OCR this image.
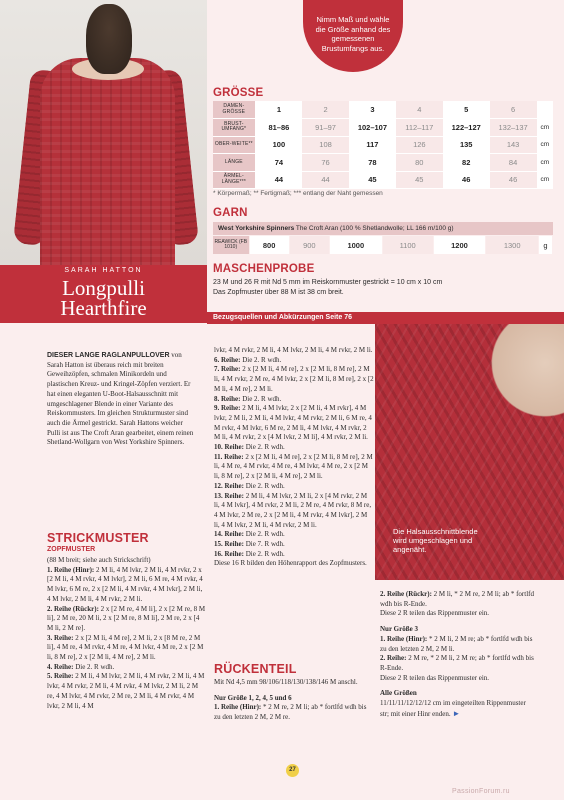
Die Halsausschnittblende wird umgeschlagen und angenäht.
Nimm Maß und wähle die Größe anhand des gemessenen Brustumfangs aus.
SARAH HATTON
Longpulli
Hearthfire
GRÖSSE
DAMEN-GRÖSSE	1	2	3	4	5	6	
BRUST-UMFANG*	81–86	91–97	102–107	112–117	122–127	132–137	cm
OBER-WEITE**	100	108	117	126	135	143	cm
LÄNGE	74	76	78	80	82	84	cm
ÄRMEL-LÄNGE***	44	44	45	45	46	46	cm
* Körpermaß; ** Fertigmaß; *** entlang der Naht gemessen
GARN
West Yorkshire Spinners The Croft Aran (100 % Shetlandwolle; LL 166 m/100 g)
REAWICK (FB 1010)	800	900	1000	1100	1200	1300	g
MASCHENPROBE
23 M und 26 R mit Nd 5 mm im Reiskornmuster gestrickt = 10 cm x 10 cm
Das Zopfmuster über 88 M ist 38 cm breit.
Bezugsquellen und Abkürzungen Seite 76
DIESER LANGE RAGLANPULLOVER von Sarah Hatton ist überaus reich mit breiten Geweihzöpfen, schmalen Minikordeln und plastischen Kreuz- und Kringel-Zöpfen verziert. Er hat einen eleganten U-Boot-Halsausschnitt mit umgeschlagener Blende in einer Variante des Reiskornmusters. Im gleichen Strukturmuster sind auch die Ärmel gestrickt. Sarah Hattons weicher Pulli ist aus The Croft Aran gearbeitet, einem reinen Shetland-Wollgarn von West Yorkshire Spinners.
STRICKMUSTER
ZOPFMUSTER

(88 M breit; siehe auch Strickschrift)

1. Reihe (Hinr): 2 M li, 4 M lvkr, 2 M li, 4 M rvkr, 2 x [2 M li, 4 M rvkr, 4 M lvkr], 2 M li, 6 M re, 4 M rvkr, 4 M lvkr, 6 M re, 2 x [2 M li, 4 M rvkr, 4 M lvkr], 2 M li, 4 M lvkr, 2 M li, 4 M rvkr, 2 M li.

2. Reihe (Rückr): 2 x [2 M re, 4 M li], 2 x [2 M re, 8 M li], 2 M re, 20 M li, 2 x [2 M re, 8 M li], 2 M re, 2 x [4 M li, 2 M re].

3. Reihe: 2 x [2 M li, 4 M re], 2 M li, 2 x [8 M re, 2 M li], 4 M re, 4 M rvkr, 4 M re, 4 M lvkr, 4 M re, 2 x [2 M li, 8 M re], 2 x [2 M li, 4 M re], 2 M li.

4. Reihe: Die 2. R wdh.

5. Reihe: 2 M li, 4 M lvkr, 2 M li, 4 M rvkr, 2 M li, 4 M lvkr, 4 M rvkr, 2 M li, 4 M rvkr, 4 M lvkr, 2 M li, 2 M re, 4 M lvkr, 4 M rvkr, 2 M re, 2 M li, 4 M rvkr, 4 M lvkr, 2 M li, 4 M

lvkr, 4 M rvkr, 2 M li, 4 M lvkr, 2 M li, 4 M rvkr, 2 M li.

6. Reihe: Die 2. R wdh.

7. Reihe: 2 x [2 M li, 4 M re], 2 x [2 M li, 8 M re], 2 M li, 4 M rvkr, 2 M re, 4 M lvkr, 2 x [2 M li, 8 M re], 2 x [2 M li, 4 M re], 2 M li.

8. Reihe: Die 2. R wdh.

9. Reihe: 2 M li, 4 M lvkr, 2 x [2 M li, 4 M rvkr], 4 M lvkr, 2 M li, 2 M li, 4 M lvkr, 4 M rvkr, 2 M li, 6 M re, 4 M rvkr, 4 M lvkr, 6 M re, 2 M li, 4 M lvkr, 4 M rvkr, 2 M li, 4 M rvkr, 2 x [4 M lvkr, 2 M li], 4 M rvkr, 2 M li.

10. Reihe: Die 2. R wdh.

11. Reihe: 2 x [2 M li, 4 M re], 2 x [2 M li, 8 M re], 2 M li, 4 M re, 4 M rvkr, 4 M re, 4 M lvkr, 4 M re, 2 x [2 M li, 8 M re], 2 x [2 M li, 4 M re], 2 M li.

12. Reihe: Die 2. R wdh.

13. Reihe: 2 M li, 4 M lvkr, 2 M li, 2 x [4 M rvkr, 2 M li, 4 M lvkr], 4 M rvkr, 2 M li, 2 M re, 4 M rvkr, 8 M re, 4 M lvkr, 2 M re, 2 x [2 M li, 4 M rvkr, 4 M lvkr], 2 M li, 4 M lvkr, 2 M li, 4 M rvkr, 2 M li.

14. Reihe: Die 2. R wdh.

15. Reihe: Die 7. R wdh.

16. Reihe: Die 2. R wdh.

Diese 16 R bilden den Höhenrapport des Zopfmusters.

RÜCKENTEIL

Mit Nd 4,5 mm 98/106/118/130/138/146 M anschl.

Nur Größe 1, 2, 4, 5 und 6

1. Reihe (Hinr): * 2 M re, 2 M li; ab * fortlfd wdh bis zu den letzten 2 M, 2 M re.

2. Reihe (Rückr): 2 M li, * 2 M re, 2 M li; ab * fortlfd wdh bis R-Ende.

Diese 2 R teilen das Rippenmuster ein.

Nur Größe 3

1. Reihe (Hinr): * 2 M li, 2 M re; ab * fortlfd wdh bis zu den letzten 2 M, 2 M li.

2. Reihe: 2 M re, * 2 M li, 2 M re; ab * fortlfd wdh bis R-Ende.

Diese 2 R teilen das Rippenmuster ein.

Alle Größen

11/11/11/12/12/12 cm im eingeteilten Rippenmuster str; mit einer Hinr enden. ►

27
PassionForum.ru
